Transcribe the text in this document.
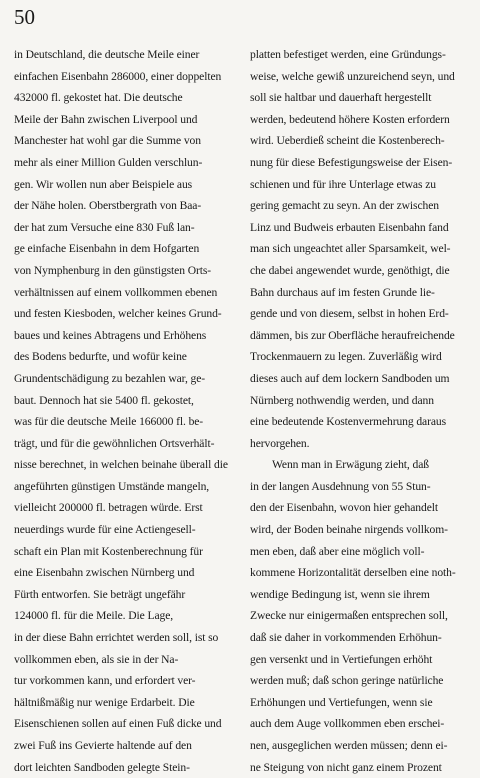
50
in Deutschland, die deutsche Meile einer
einfachen Eisenbahn 286000, einer doppelten
432000 fl. gekostet hat. Die deutsche
Meile der Bahn zwischen Liverpool und
Manchester hat wohl gar die Summe von
mehr als einer Million Gulden verschlun-
gen. Wir wollen nun aber Beispiele aus
der Nähe holen. Oberstbergrath von Baa-
der hat zum Versuche eine 830 Fuß lan-
ge einfache Eisenbahn in dem Hofgarten
von Nymphenburg in den günstigsten Orts-
verhältnissen auf einem vollkommen ebenen
und festen Kiesboden, welcher keines Grund-
baues und keines Abtragens und Erhöhens
des Bodens bedurfte, und wofür keine
Grundentschädigung zu bezahlen war, ge-
baut. Dennoch hat sie 5400 fl. gekostet,
was für die deutsche Meile 166000 fl. be-
trägt, und für die gewöhnlichen Ortsverhält-
nisse berechnet, in welchen beinahe überall die
angeführten günstigen Umstände mangeln,
vielleicht 200000 fl. betragen würde. Erst
neuerdings wurde für eine Actiengesell-
schaft ein Plan mit Kostenberechnung für
eine Eisenbahn zwischen Nürnberg und
Fürth entworfen. Sie beträgt ungefähr
124000 fl. für die Meile. Die Lage,
in der diese Bahn errichtet werden soll, ist so
vollkommen eben, als sie in der Na-
tur vorkommen kann, und erfordert ver-
hältnißmäßig nur wenige Erdarbeit. Die
Eisenschienen sollen auf einen Fuß dicke und
zwei Fuß ins Gevierte haltende auf den
dort leichten Sandboden gelegte Stein-
platten befestiget werden, eine Gründungs-
weise, welche gewiß unzureichend seyn, und
soll sie haltbar und dauerhaft hergestellt
werden, bedeutend höhere Kosten erfordern
wird. Ueberdieß scheint die Kostenberech-
nung für diese Befestigungsweise der Eisen-
schienen und für ihre Unterlage etwas zu
gering gemacht zu seyn. An der zwischen
Linz und Budweis erbauten Eisenbahn fand
man sich ungeachtet aller Sparsamkeit, wel-
che dabei angewendet wurde, genöthigt, die
Bahn durchaus auf im festen Grunde lie-
gende und von diesem, selbst in hohen Erd-
dämmen, bis zur Oberfläche heraufreichende
Trockenmauern zu legen. Zuverläßig wird
dieses auch auf dem lockern Sandboden um
Nürnberg nothwendig werden, und dann
eine bedeutende Kostenvermehrung daraus
hervorgehen.
Wenn man in Erwägung zieht, daß
in der langen Ausdehnung von 55 Stun-
den der Eisenbahn, wovon hier gehandelt
wird, der Boden beinahe nirgends vollkom-
men eben, daß aber eine möglich voll-
kommene Horizontalität derselben eine noth-
wendige Bedingung ist, wenn sie ihrem
Zwecke nur einigermaßen entsprechen soll,
daß sie daher in vorkommenden Erhöhun-
gen versenkt und in Vertiefungen erhöht
werden muß; daß schon geringe natürliche
Erhöhungen und Vertiefungen, wenn sie
auch dem Auge vollkommen eben erschei-
nen, ausgeglichen werden müssen; denn ei-
ne Steigung von nicht ganz einem Prozent
